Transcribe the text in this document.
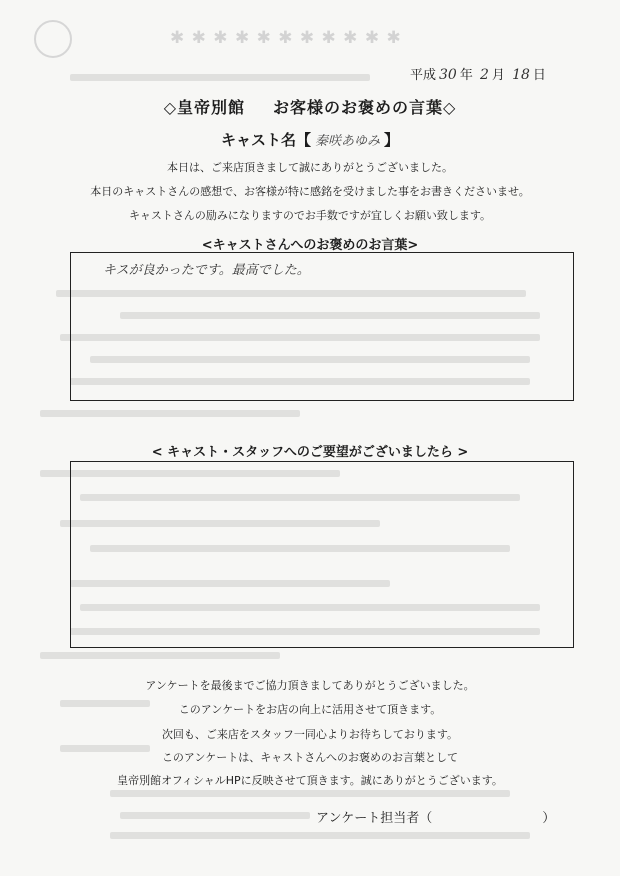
✱ ✱ ✱ ✱ ✱ ✱ ✱ ✱ ✱ ✱ ✱
平成 30 年 2 月 18 日
◇皇帝別館 お客様のお褒めの言葉◇
キャスト名【 秦咲あゆみ 】
本日は、ご来店頂きまして誠にありがとうございました。
本日のキャストさんの感想で、お客様が特に感銘を受けました事をお書きくださいませ。
キャストさんの励みになりますのでお手数ですが宜しくお願い致します。
<キャストさんへのお褒めのお言葉>
キスが良かったです。最高でした。
< キャスト・スタッフへのご要望がございましたら >
アンケートを最後までご協力頂きましてありがとうございました。
このアンケートをお店の向上に活用させて頂きます。
次回も、ご来店をスタッフ一同心よりお待ちしております。
このアンケートは、キャストさんへのお褒めのお言葉として
皇帝別館オフィシャルHPに反映させて頂きます。誠にありがとうございます。
アンケート担当者（	）
